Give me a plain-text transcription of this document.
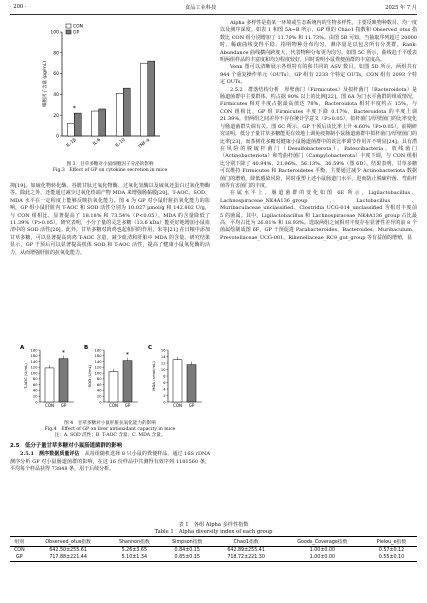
· 200 ·	食品工业科技	2025 年 7 月
0
20
40
60
80
100
细胞因子含量 (pg/mL)
*
IL-1β	IL-6	IL-10	TNF-α
CON
GP
图 3　甘草多糖对小鼠细胞因子分泌的影响
Fig.3　Effect of GP on cytokine secretion in mice

抑[19]。如硫化物转化酶、谷胱甘肽过氧化物酶、过氧化氢酶以及硫氧还蛋白过氧化物酶等。除此之外，还能通过减少过氧化终端产物 MDA 来增强肠黏膜[20]。T-AOC、SOD、MDA 水平在一定程度上能够反映抗氧化能力。图 4 为 GP 对小鼠肝脏抗氧化能力的影响，GP 组小鼠肝脏内 T-AOC 和 SOD 活性分别为 10.027 μmol/g 和 142.802 U/g，与 CON 组相比，显著提高了 18.18% 和 73.54%（P<0.05）。MDA 的含量降低了 11.39%（P>0.05）。研究表明，小分子量的灵芝多糖（13.6 kDa）能更好地增加小鼠血清中的 SOD 活性[20]。此外，甘草多糖对肉鸡也起相同的作用，朱等[21] 在日粮中添加甘草多糖，可以显著提高肉鸡 T-AOC 含量，减少血清和肝脏中 MDA 的含量。研究结果显示，GP 干预后可以显著提高机体 SOD 和 T-AOC 活性，提高了健康小鼠氧化酶的活力，从而增强肝脏的抗氧化能力。

A
0
20
40
60
80
100
120
140
160
180
T-AOC (U/mL)
CON GP
*
B
0
20
40
60
80
100
120
140
160
180
SOD (U/mL)
CON GP
*
C
0
2
4
6
8
10
12
14
16
MDA (nmol/mL)
CON GP
图 4　甘草多糖对小鼠肝脏抗氧化能力的影响
Fig.4　Effect of GP on liver antioxidant capacity in mice
注：A. SOD 活性；B. T-AOC 含量；C. MDA 含量。
2.5　低分子量甘草多糖对小鼠肠道菌群的影响

2.5.1　测序数据质量评估　 从每组随机选择 8 只小鼠的粪便样品，通过 16S rDNA 测序分析 GP 对小鼠肠道菌群的影响，在这 16 份样品中共测得有效序列 1181560 条，平均每个样品获得 73848 条，用于后续分析。

Alpha 多样性是指某一环境或生态系统内的生物多样性，主要反映物种数目、均一度以及测序深度。如表 1 和图 5A~B 所示，GP 组的 Chao1 指数和 Observed_otus 指数比 CON 组分别增加了 11.79% 和 11.73%。由图 5B 可知，当抽取序列超过 20000 时，稀疏曲线变得平稳，指明物种分布均匀，测序量足以包含所有分类群。Rank-Abundance 曲线横向跨度大，代表物种分布更为均匀。如图 5C 所示，曲线趋于平缓表明两组样品的丰富度和均匀程度较好，同时说明小鼠粪便菌群的丰富度高。

Venn 图可以清晰展示各组特有的和共同的 ASV 数目。如图 5D 所示，两组共有 944 个重复操作单元（OUTs），GP 组有 2233 个特定 OUTs，CON 组有 2093 个特定 OUTs。

2.5.2　群落结构分析　厚壁菌门（Firmicutes）及拟杆菌门（Bacteroidota）是肠道菌群中主要群体，约占据 90% 以上的比例[22]。图 6A 为门水平菌群的组成情况，Firmicutes 相对丰度占据最高值达 78%，Bacteroidota 相对丰度约占 15%。与 CON 组相比，GP 组 Firmicutes 丰度下降 0.17%，Bacteroidota 的丰度上调 21.39%。但两组之间差异不存在统计学意义（P>0.05）。拟杆菌门/厚壁菌门的比率变化与肠道菌群失调有关。图 6C 所示，GP 干预后该比率上升 4.60%（P>0.05）。前期研究证明，低分子量甘草多糖能更有效地上调免疫抑制小鼠肠道菌群中拟杆菌门/厚壁菌门的比率[23]，而茶树花多糖对健康小鼠肠道菌群中的该比率调节作用并不明显[24]。具有潜在风险的脱硫杆菌门（Desulfobacterota）、Patescibacteria、放线菌门（Actinobacteriota）和弯曲杆菌门（Campylobacterota）丰度下调，与 CON 组相比分别下降了 40.94%、21.96%、56.13%、36.59%（图 6D）。结果表明，甘草多糖可以维持 Firmicutes 和 Bacteroidetes 平衡，主要通过减少 Actinobacteriota 数据菌门的增殖，降低感染风险，同时重塑上述小鼠肠道门水平，进而防止脱硫杆菌、弯曲杆菌等有害菌门的丰度。

在属水平上，肠道菌群的变化如图 6E 所示，Ligilactobacillus、Lachnospiraceae_NK4A136_group、Lactobacillus、Muribaculaceae_unclassified、Clostridia_UCG-014_unclassified 为相对丰度前 5 的菌属。其中，Ligilactobacillus 和 Lachnospiraceae_NK4A136_group 占比最高，平均占比为 26.81% 和 18.93%。选取两组之间相对丰度存在显著性差异的前 8 个菌属绘制成图 6F，GP 干预促进 Parabacteroides、Bacteroides、Muribaculum、Prevotellaceae_UCG-001、Rikenellaceae_RC9_gut_group 等有益菌的增殖，显

表 1　各组 Alpha 多样性指数
Table 1　Alpha diversity index of each group
组别	Observed_otus指数	Shannon指数	Simpson指数	Chao1指数	Goods_Coverage指数	Pielou_e指数
CON	642.50±255.61	5.26±3.65	0.84±0.15	642.89±255.41	1.00±0.00	0.57±0.12
GP	717.88±221.44	5.10±1.34	0.85±0.15	718.72±221.30	1.00±0.00	0.55±0.10
